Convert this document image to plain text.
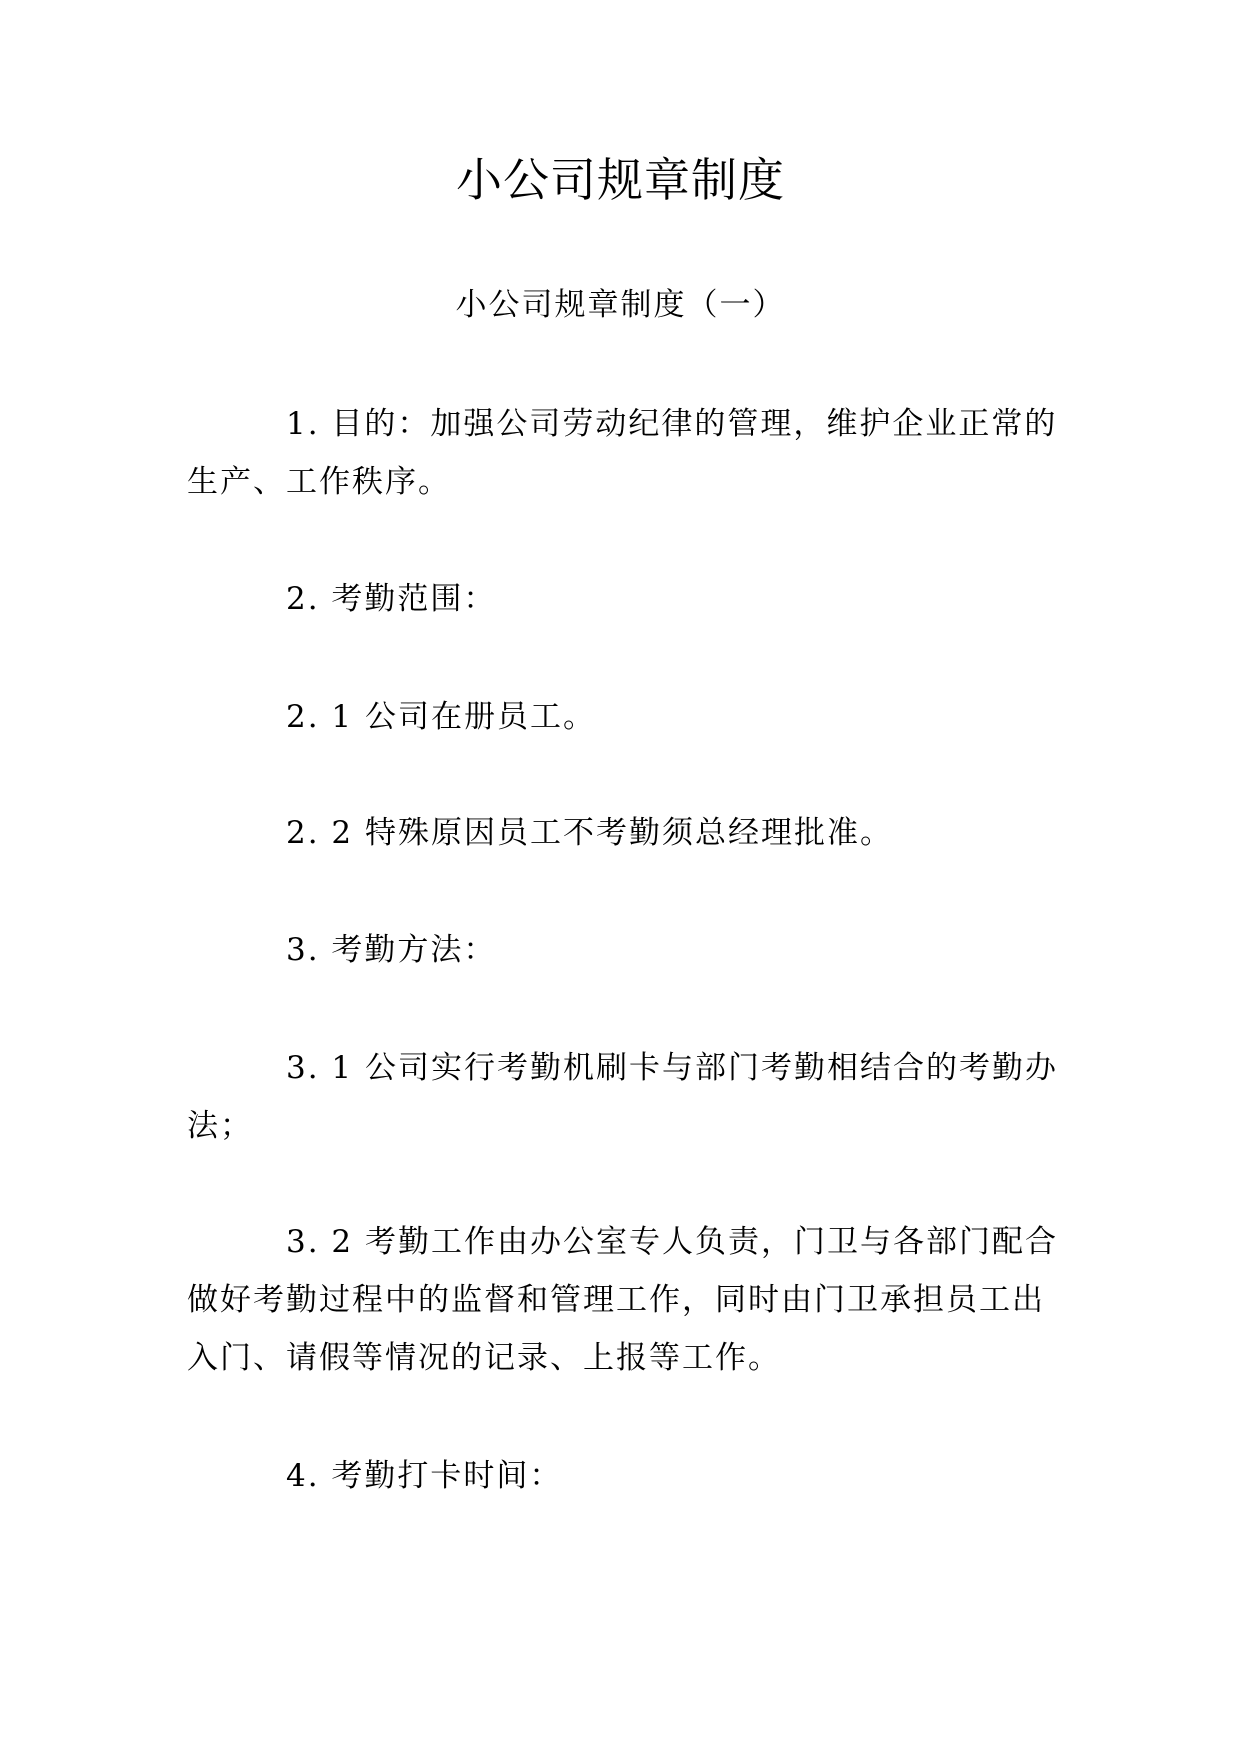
小公司规章制度
小公司规章制度（一）
1. 目的：加强公司劳动纪律的管理，维护企业正常的生产、工作秩序。
2. 考勤范围：
2. 1 公司在册员工。
2. 2 特殊原因员工不考勤须总经理批准。
3. 考勤方法：
3. 1 公司实行考勤机刷卡与部门考勤相结合的考勤办法；
3. 2 考勤工作由办公室专人负责，门卫与各部门配合做好考勤过程中的监督和管理工作，同时由门卫承担员工出入门、请假等情况的记录、上报等工作。
4. 考勤打卡时间：
